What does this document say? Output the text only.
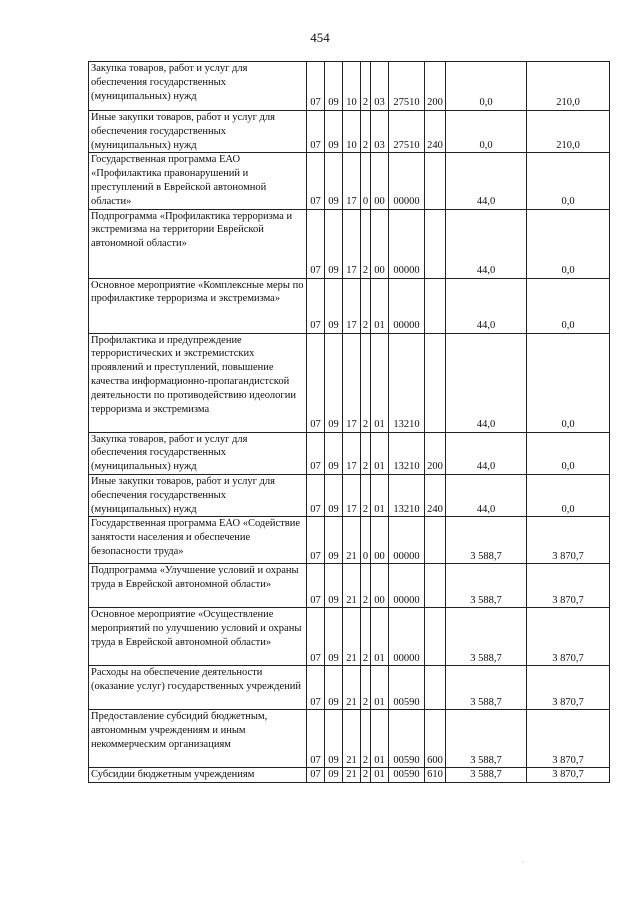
454
Закупка товаров, работ и услуг для обеспечения государственных (муниципальных) нужд	07	09	10	2	03	27510	200	0,0	210,0
Иные закупки товаров, работ и услуг для обеспечения государственных (муниципальных) нужд	07	09	10	2	03	27510	240	0,0	210,0
Государственная программа ЕАО «Профилактика правонарушений и преступлений в Еврейской автономной области»	07	09	17	0	00	00000		44,0	0,0
Подпрограмма «Профилактика терроризма и экстремизма на территории Еврейской автономной области»	07	09	17	2	00	00000		44,0	0,0
Основное мероприятие «Комплексные меры по профилактике терроризма и экстремизма»	07	09	17	2	01	00000		44,0	0,0
Профилактика и предупреждение террористических и экстремистских проявлений и преступлений, повышение качества информационно-пропагандистской деятельности по противодействию идеологии терроризма и экстремизма	07	09	17	2	01	13210		44,0	0,0
Закупка товаров, работ и услуг для обеспечения государственных (муниципальных) нужд	07	09	17	2	01	13210	200	44,0	0,0
Иные закупки товаров, работ и услуг для обеспечения государственных (муниципальных) нужд	07	09	17	2	01	13210	240	44,0	0,0
Государственная программа ЕАО «Содействие занятости населения и обеспечение безопасности труда»	07	09	21	0	00	00000		3 588,7	3 870,7
Подпрограмма «Улучшение условий и охраны труда в Еврейской автономной области»	07	09	21	2	00	00000		3 588,7	3 870,7
Основное мероприятие «Осуществление мероприятий по улучшению условий и охраны труда в Еврейской автономной области»	07	09	21	2	01	00000		3 588,7	3 870,7
Расходы на обеспечение деятельности (оказание услуг) государственных учреждений	07	09	21	2	01	00590		3 588,7	3 870,7
Предоставление субсидий бюджетным, автономным учреждениям и иным некоммерческим организациям	07	09	21	2	01	00590	600	3 588,7	3 870,7
Субсидии бюджетным учреждениям	07	09	21	2	01	00590	610	3 588,7	3 870,7
·
